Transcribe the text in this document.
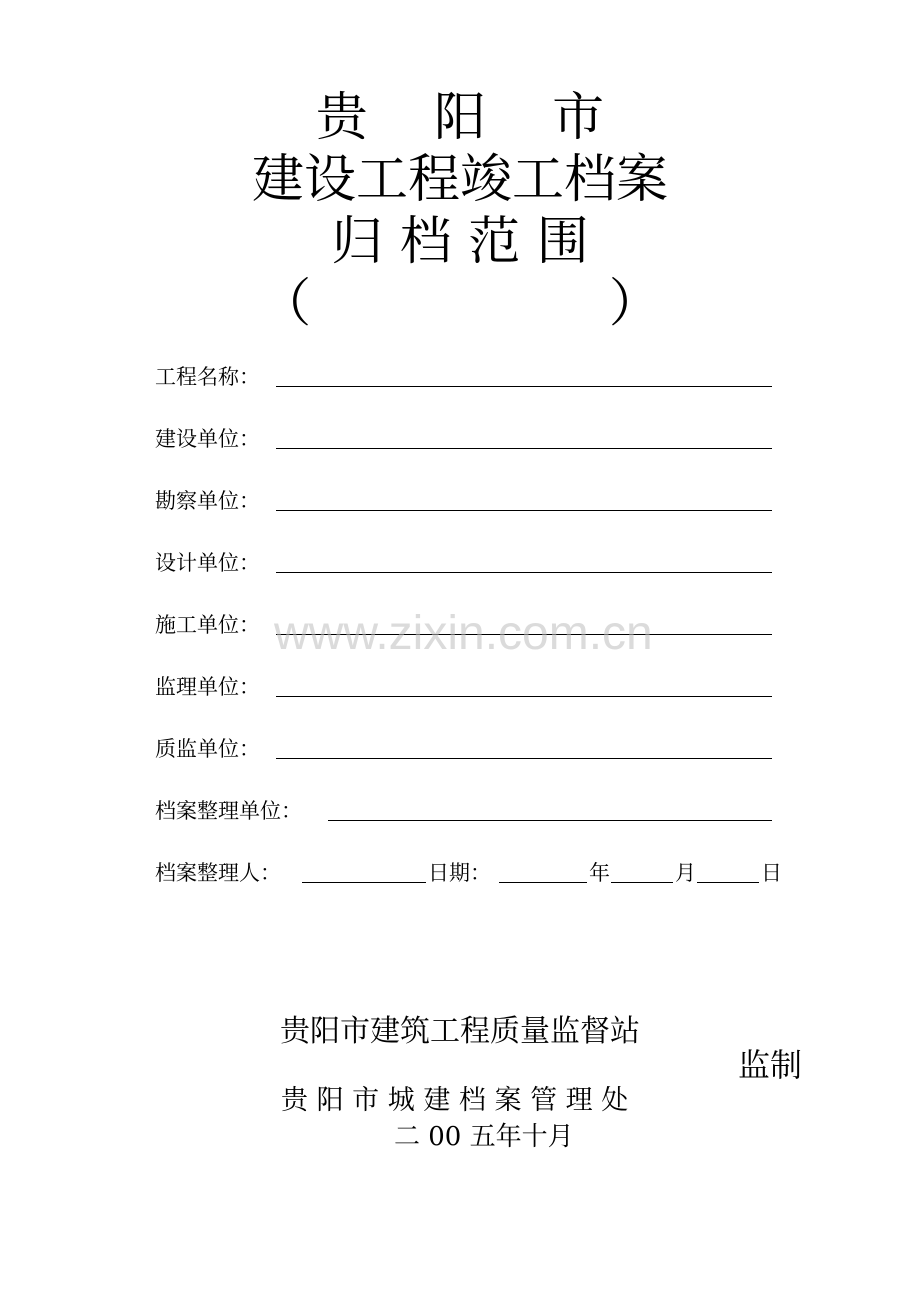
贵    阳    市
建设工程竣工档案
归 档 范 围
（                  ）
工程名称：
建设单位：
勘察单位：
设计单位：
施工单位：
监理单位：
质监单位：
档案整理单位：
档案整理人：	日期：	年	月	日
www.zixin.com.cn
贵阳市建筑工程质量监督站
监制
贵 阳 市 城 建 档 案 管 理 处
二 00 五年十月
